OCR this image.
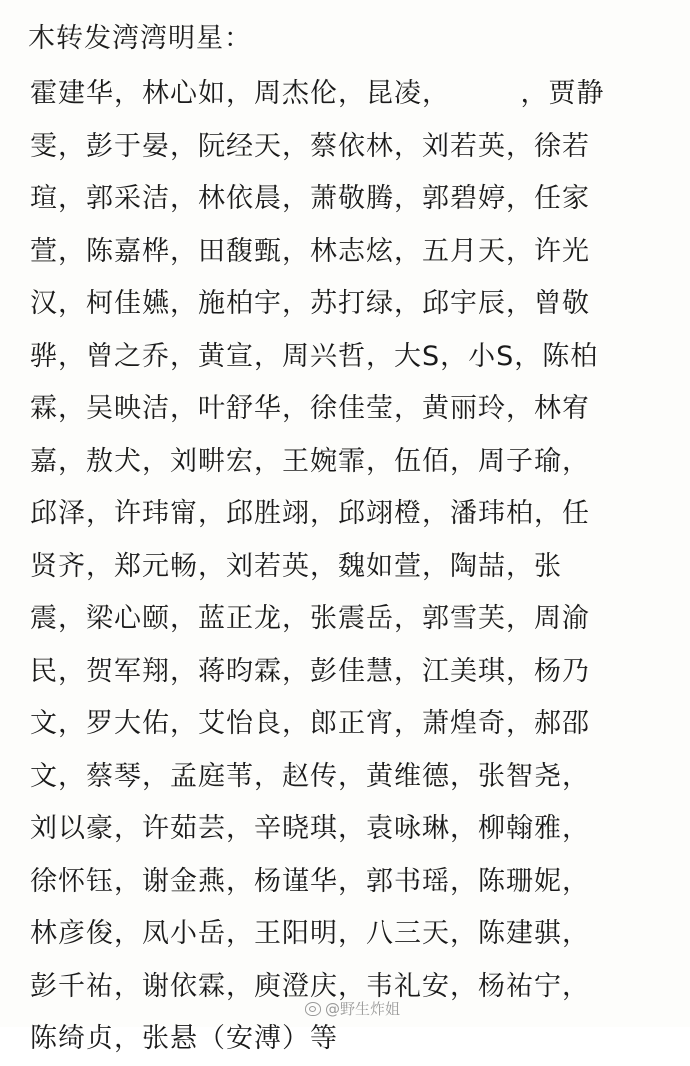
木转发湾湾明星：
霍建华，林心如，周杰伦，昆凌，　　　，贾静
雯，彭于晏，阮经天，蔡依林，刘若英，徐若
瑄，郭采洁，林依晨，萧敬腾，郭碧婷，任家
萱，陈嘉桦，田馥甄，林志炫，五月天，许光
汉，柯佳嬿，施柏宇，苏打绿，邱宇辰，曾敬
骅，曾之乔，黄宣，周兴哲，大S，小S，陈柏
霖，吴映洁，叶舒华，徐佳莹，黄丽玲，林宥
嘉，敖犬，刘畊宏，王婉霏，伍佰，周子瑜，
邱泽，许玮甯，邱胜翊，邱翊橙，潘玮柏，任
贤齐，郑元畅，刘若英，魏如萱，陶喆，张
震，梁心颐，蓝正龙，张震岳，郭雪芙，周渝
民，贺军翔，蒋昀霖，彭佳慧，江美琪，杨乃
文，罗大佑，艾怡良，郎正宵，萧煌奇，郝邵
文，蔡琴，孟庭苇，赵传，黄维德，张智尧，
刘以豪，许茹芸，辛晓琪，袁咏琳，柳翰雅，
徐怀钰，谢金燕，杨谨华，郭书瑶，陈珊妮，
林彦俊，凤小岳，王阳明，八三天，陈建骐，
彭千祐，谢依霖，庾澄庆，韦礼安，杨祐宁，
陈绮贞，张悬（安溥）等
@野生炸姐
